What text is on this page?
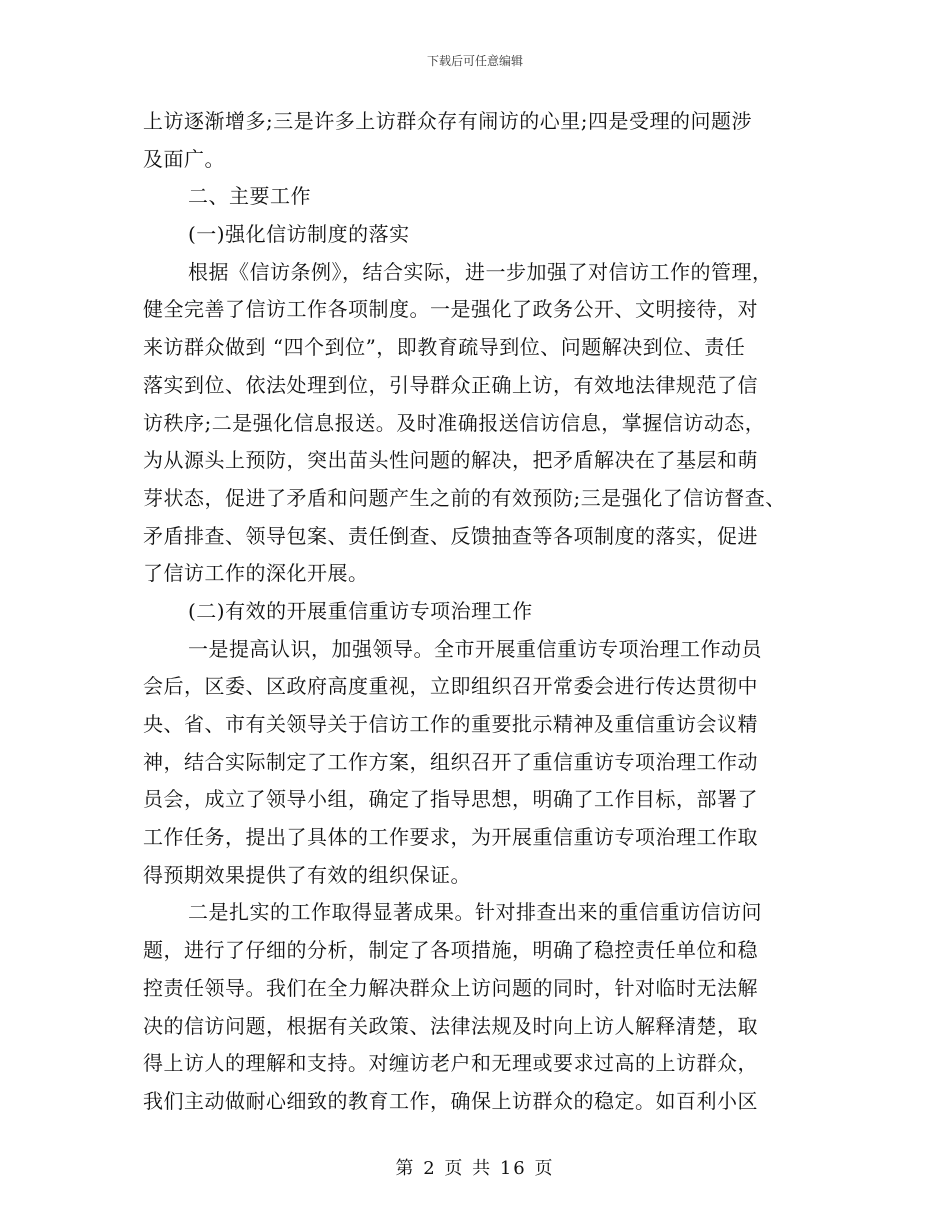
下载后可任意编辑
上访逐渐增多;三是许多上访群众存有闹访的心里;四是受理的问题涉
及面广。
二、主要工作
(一)强化信访制度的落实
根据《信访条例》，结合实际，进一步加强了对信访工作的管理，
健全完善了信访工作各项制度。一是强化了政务公开、文明接待，对
来访群众做到 “四个到位”，即教育疏导到位、问题解决到位、责任
落实到位、依法处理到位，引导群众正确上访，有效地法律规范了信
访秩序;二是强化信息报送。及时准确报送信访信息，掌握信访动态，
为从源头上预防，突出苗头性问题的解决，把矛盾解决在了基层和萌
芽状态，促进了矛盾和问题产生之前的有效预防;三是强化了信访督查、
矛盾排查、领导包案、责任倒查、反馈抽查等各项制度的落实，促进
了信访工作的深化开展。
(二)有效的开展重信重访专项治理工作
一是提高认识，加强领导。全市开展重信重访专项治理工作动员
会后，区委、区政府高度重视，立即组织召开常委会进行传达贯彻中
央、省、市有关领导关于信访工作的重要批示精神及重信重访会议精
神，结合实际制定了工作方案，组织召开了重信重访专项治理工作动
员会，成立了领导小组，确定了指导思想，明确了工作目标，部署了
工作任务，提出了具体的工作要求，为开展重信重访专项治理工作取
得预期效果提供了有效的组织保证。
二是扎实的工作取得显著成果。针对排查出来的重信重访信访问
题，进行了仔细的分析，制定了各项措施，明确了稳控责任单位和稳
控责任领导。我们在全力解决群众上访问题的同时，针对临时无法解
决的信访问题，根据有关政策、法律法规及时向上访人解释清楚，取
得上访人的理解和支持。对缠访老户和无理或要求过高的上访群众，
我们主动做耐心细致的教育工作，确保上访群众的稳定。如百利小区
第 2 页 共 16 页
